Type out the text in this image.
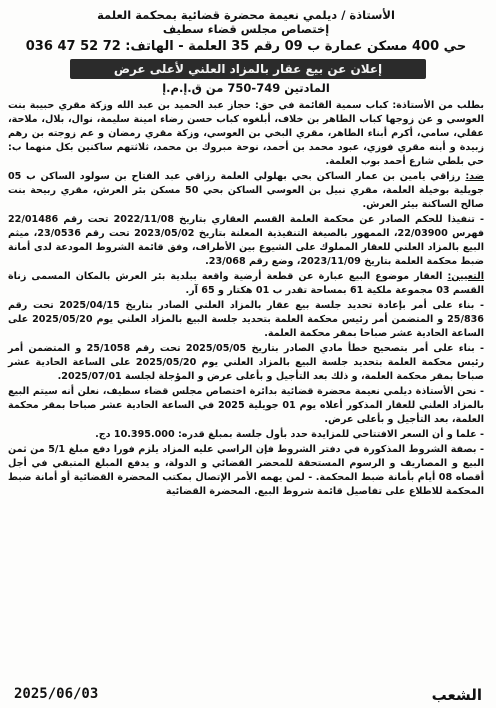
الأستاذة / ديلمي نعيمة محضرة قضائية بمحكمة العلمة
إختصاص مجلس قضاء سطيف
حي 400 مسكن عمارة ب 09 رقم 35 العلمة - الهاتف: 72 52 47 036
إعلان عن بيع عقار بالمزاد العلني لأعلى عرض
المادتين 749-750 من ق.إ.م.إ

بطلب من الأستاذة: كباب سمية القائمة في حق: حجاز عبد الحميد بن عبد الله وزكة مقري حبيبة بنت العوسي و عن زوجها كباب الطاهر بن خلاف، أبلغوه كباب حسن رضاء امينة سليمة، نوال، بلال، ملاحة، عقلي، سامي، أكرم أبناء الطاهر، مقري البخي بن العوسي، وزكة مقري رمضان و عم زوجته بن رهم زبيدة و أبنه مقري فوزي، عبود محمد بن أحمد، نوحة مبروك بن محمد، ثلاثتهم ساكنين بكل منهما ب: حي بلطي شارع أحمد بوب العلمة.

ضد: رزاقي يامين بن عمار الساكن بحي بهلولي العلمة رزاقي عبد الفتاح بن سولود الساكن ب 05 جويلية بوخيلة العلمة، مقري نبيل بن العوسي الساكن بحي 50 مسكن بئر العرش، مقري ربيحة بنت صالح الساكنة بيئر العرش.

- تنفيذا للحكم الصادر عن محكمة العلمة القسم العقاري بتاريخ 2022/11/08 تحت رقم 22/01486 فهرس 22/03900، الممهور بالصيغة التنفيذية المعلنة بتاريخ 2023/05/02 تحت رقم 23/0536، ميثم البيع بالمزاد العلني للعقار المملوك على الشيوع بين الأطراف، وفق قائمة الشروط المودعة لدى أمانة ضبط محكمة العلمة بتاريخ 2023/11/09، وضع رقم 23/068.

التعيين: العقار موضوع البيع عبارة عن قطعة أرضية واقعة ببلدية بئر العرش بالمكان المسمى زناة القسم 03 مجموعة ملكية 61 بمساحة تقدر ب 01 هكتار و 65 آر.

- بناء على أمر بإعادة تحديد جلسة بيع عقار بالمزاد العلني الصادر بتاريخ 2025/04/15 تحت رقم 25/836 و المتضمن أمر رئيس محكمة العلمة بتحديد جلسة البيع بالمزاد العلني يوم 2025/05/20 على الساعة الحادية عشر صباحا بمقر محكمة العلمة.

- بناء على أمر بتصحيح خطأ مادي الصادر بتاريخ 2025/05/05 تحت رقم 25/1058 و المتضمن أمر رئيس محكمة العلمة بتحديد جلسة البيع بالمزاد العلني يوم 2025/05/20 على الساعة الحادية عشر صباحا بمقر محكمة العلمة، و ذلك بعد التأجيل و بأعلى عرض و المؤجلة لجلسة 2025/07/01.

- نحن الأستاذة ديلمي نعيمة محضرة قضائية بدائرة اختصاص مجلس قضاء سطيف، نعلن أنه سيتم البيع بالمزاد العلني للعقار المذكور أعلاه يوم 01 جويلية 2025 في الساعة الحادية عشر صباحا بمقر محكمة العلمة، بعد التأجيل و بأعلى عرض.

- علما و أن السعر الافتتاحي للمزايدة حدد بأول جلسة بمبلغ قدره: 10.395.000 دج.

- بصفة الشروط المذكورة في دفتر الشروط فإن الراسي عليه المزاد يلزم فورا دفع مبلغ 5/1 من ثمن البيع و المصاريف و الرسوم المستحقة للمحضر القضائي و الدولة، و يدفع المبلغ المتبقي في أجل أقصاه 08 أيام بأمانة ضبط المحكمة. - لمن يهمه الأمر الإتصال بمكتب المحضرة القضائية أو أمانة ضبط المحكمة للاطلاع على تفاصيل قائمة شروط البيع. المحضرة القضائية

الشعب
2025/06/03
